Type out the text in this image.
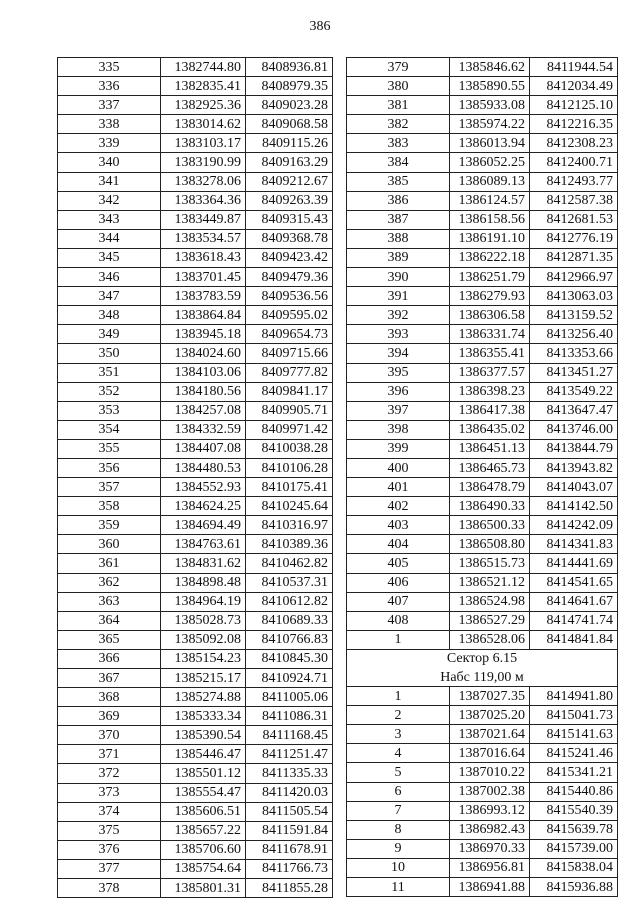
386
335	1382744.80	8408936.81
336	1382835.41	8408979.35
337	1382925.36	8409023.28
338	1383014.62	8409068.58
339	1383103.17	8409115.26
340	1383190.99	8409163.29
341	1383278.06	8409212.67
342	1383364.36	8409263.39
343	1383449.87	8409315.43
344	1383534.57	8409368.78
345	1383618.43	8409423.42
346	1383701.45	8409479.36
347	1383783.59	8409536.56
348	1383864.84	8409595.02
349	1383945.18	8409654.73
350	1384024.60	8409715.66
351	1384103.06	8409777.82
352	1384180.56	8409841.17
353	1384257.08	8409905.71
354	1384332.59	8409971.42
355	1384407.08	8410038.28
356	1384480.53	8410106.28
357	1384552.93	8410175.41
358	1384624.25	8410245.64
359	1384694.49	8410316.97
360	1384763.61	8410389.36
361	1384831.62	8410462.82
362	1384898.48	8410537.31
363	1384964.19	8410612.82
364	1385028.73	8410689.33
365	1385092.08	8410766.83
366	1385154.23	8410845.30
367	1385215.17	8410924.71
368	1385274.88	8411005.06
369	1385333.34	8411086.31
370	1385390.54	8411168.45
371	1385446.47	8411251.47
372	1385501.12	8411335.33
373	1385554.47	8411420.03
374	1385606.51	8411505.54
375	1385657.22	8411591.84
376	1385706.60	8411678.91
377	1385754.64	8411766.73
378	1385801.31	8411855.28
379	1385846.62	8411944.54
380	1385890.55	8412034.49
381	1385933.08	8412125.10
382	1385974.22	8412216.35
383	1386013.94	8412308.23
384	1386052.25	8412400.71
385	1386089.13	8412493.77
386	1386124.57	8412587.38
387	1386158.56	8412681.53
388	1386191.10	8412776.19
389	1386222.18	8412871.35
390	1386251.79	8412966.97
391	1386279.93	8413063.03
392	1386306.58	8413159.52
393	1386331.74	8413256.40
394	1386355.41	8413353.66
395	1386377.57	8413451.27
396	1386398.23	8413549.22
397	1386417.38	8413647.47
398	1386435.02	8413746.00
399	1386451.13	8413844.79
400	1386465.73	8413943.82
401	1386478.79	8414043.07
402	1386490.33	8414142.50
403	1386500.33	8414242.09
404	1386508.80	8414341.83
405	1386515.73	8414441.69
406	1386521.12	8414541.65
407	1386524.98	8414641.67
408	1386527.29	8414741.74
1	1386528.06	8414841.84
Сектор 6.15		
Набс 119,00 м		
1	1387027.35	8414941.80
2	1387025.20	8415041.73
3	1387021.64	8415141.63
4	1387016.64	8415241.46
5	1387010.22	8415341.21
6	1387002.38	8415440.86
7	1386993.12	8415540.39
8	1386982.43	8415639.78
9	1386970.33	8415739.00
10	1386956.81	8415838.04
11	1386941.88	8415936.88
